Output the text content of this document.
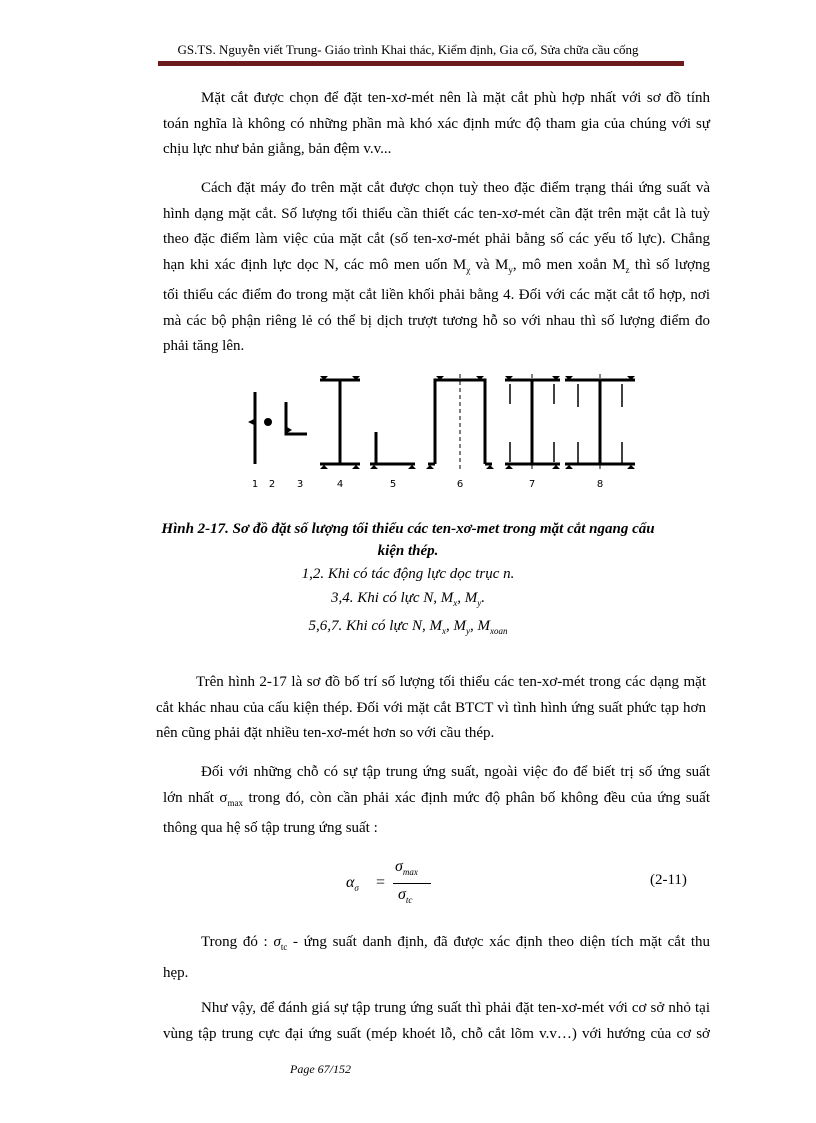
GS.TS. Nguyễn viết Trung- Giáo trình Khai thác, Kiểm định, Gia cố, Sửa chữa cầu cống
Mặt cắt được chọn để đặt ten-xơ-mét nên là mặt cắt phù hợp nhất với sơ đồ tính
toán nghĩa là không có những phần mà khó xác định mức độ tham gia của chúng với sự
chịu lực như bản giằng, bản đệm v.v...
Cách đặt máy đo trên mặt cắt được chọn tuỳ theo đặc điểm trạng thái ứng suất và
hình dạng mặt cắt. Số lượng tối thiểu cần thiết các ten-xơ-mét cần đặt trên mặt cắt là tuỳ
theo đặc điểm làm việc của mặt cắt (số ten-xơ-mét phải bằng số các yếu tố lực). Chẳng
hạn khi xác định lực dọc N, các mô men uốn $M_\chi$ và $M_y$, mô men xoắn $M_z$ thì số lượng
tối thiểu các điểm đo trong mặt cắt liền khối phải bằng 4. Đối với các mặt cắt tổ hợp, nơi
mà các bộ phận riêng lẻ có thể bị dịch trượt tương hỗ so với nhau thì số lượng điểm đo
phải tăng lên.
1 2 3	4	5	6	7	8

Hình 2-17. Sơ đồ đặt số lượng tối thiểu các ten-xơ-met trong mặt cắt ngang cấu

kiện thép.

1,2. Khi có tác động lực dọc trục n.

3,4. Khi có lực N, $M_x$, $M_y$.

5,6,7. Khi có lực N, $M_x$, $M_y$, $M_{xoan}$

Trên hình 2-17 là sơ đồ bố trí số lượng tối thiểu các ten-xơ-mét trong các dạng mặt
cắt khác nhau của cấu kiện thép. Đối với mặt cắt BTCT vì tình hình ứng suất phức tạp hơn
nên cũng phải đặt nhiều ten-xơ-mét hơn so với cầu thép.
Đối với những chỗ có sự tập trung ứng suất, ngoài việc đo để biết trị số ứng suất
lớn nhất $\sigma_{max}$ trong đó, còn cần phải xác định mức độ phân bố không đều của ứng suất
thông qua hệ số tập trung ứng suất :
$\alpha_\sigma$ =
$\sigma_{max}$
$\sigma_{tc}$
(2-11)
Trong đó : $\sigma_{tc}$ - ứng suất danh định, đã được xác định theo diện tích mặt cắt thu
hẹp.
Như vậy, để đánh giá sự tập trung ứng suất thì phải đặt ten-xơ-mét với cơ sở nhỏ tại
vùng tập trung cực đại ứng suất (mép khoét lỗ, chỗ cắt lõm v.v…) với hướng của cơ sở
Page 67/152
